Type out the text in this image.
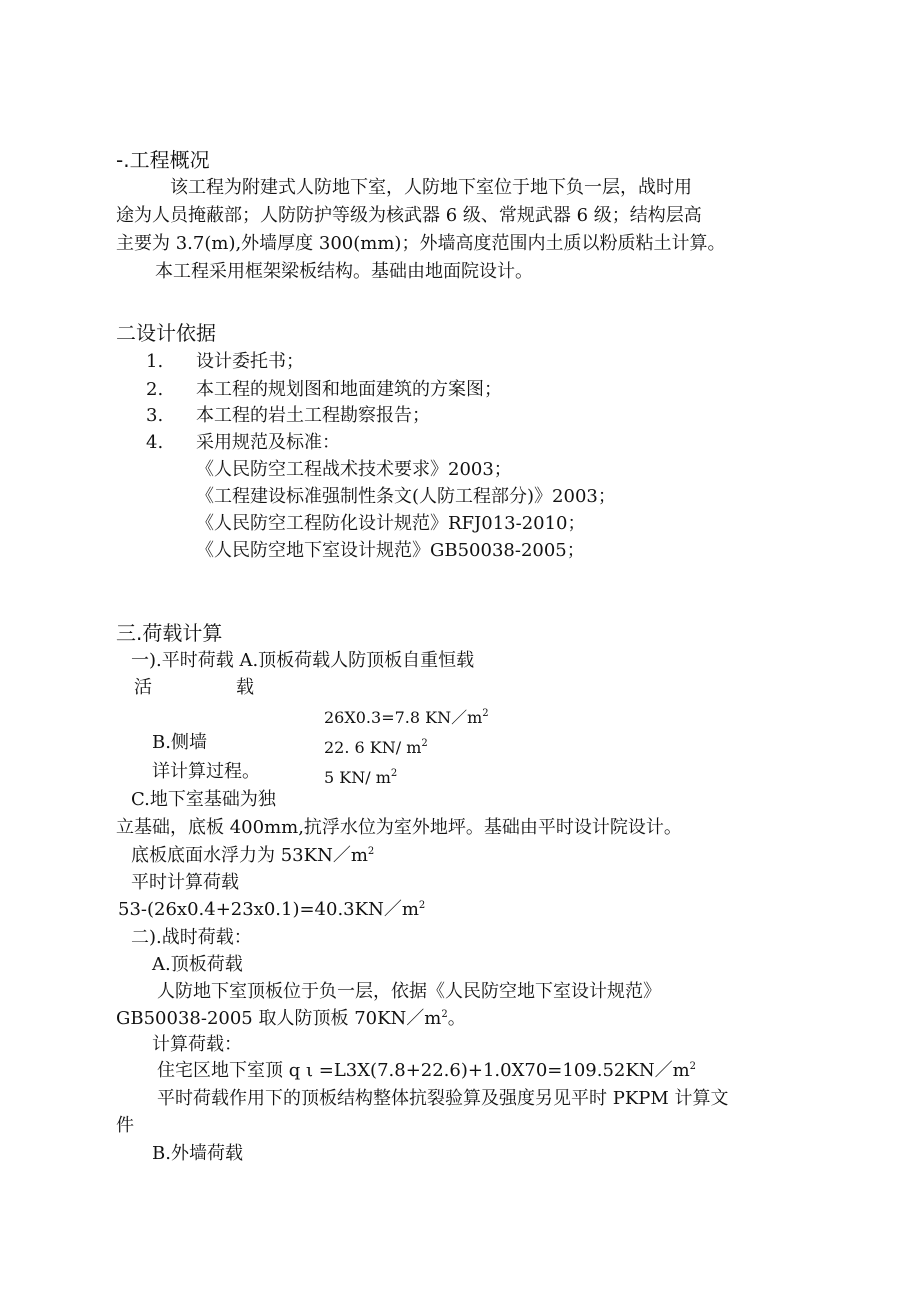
-.工程概况
该工程为附建式人防地下室，人防地下室位于地下负一层，战时用
途为人员掩蔽部；人防防护等级为核武器 6 级、常规武器 6 级；结构层高
主要为 3.7(m),外墙厚度 300(mm)；外墙高度范围内土质以粉质粘土计算。
本工程采用框架梁板结构。基础由地面院设计。
二设计依据
1. 设计委托书；
2. 本工程的规划图和地面建筑的方案图；
3. 本工程的岩土工程勘察报告；
4. 采用规范及标准：
《人民防空工程战术技术要求》2003；
《工程建设标准强制性条文(人防工程部分)》2003；
《人民防空工程防化设计规范》RFJ013-2010；
《人民防空地下室设计规范》GB50038-2005；
三.荷载计算
一).平时荷载 A.顶板荷载人防顶板自重恒载
活	载
26X0.3=7.8 $KN/m^2$
22. 6 KN/ $m^2$
5 KN/ $m^2$
B.侧墙
详计算过程。
C.地下室基础为独
立基础，底板 400mm,抗浮水位为室外地坪。基础由平时设计院设计。
底板底面水浮力为 $53KN/m^2$
平时计算荷载
$53-(26x0.4+23x0.1)=40.3KN/m^2$
二).战时荷载：
A.顶板荷载
人防地下室顶板位于负一层，依据《人民防空地下室设计规范》
GB50038-2005 取人防顶板 $70KN/m^2$。
计算荷载：
住宅区地下室顶 q $\iota =L3X(7.8+22.6)+1.0X70=109.52KN/m^2$
平时荷载作用下的顶板结构整体抗裂验算及强度另见平时 PKPM 计算文
件
B.外墙荷载
